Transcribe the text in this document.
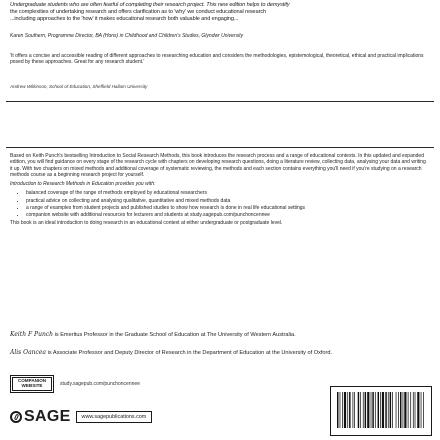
Undergraduate students who are often fearful of completing their research project. This new edition helps to demystify
the complexities of undertaking research and offers clarification as to 'why' we conduct educational research
...including approaches to the 'how' it makes educational research both valuable and engaging...
Karen Southern, Programme Director, BA (Hons) in Childhood and Children's Studies, Glyndwr University
'It offers a concise and accessible reading of different approaches to researching education and considers the methodologies, epistemological, theoretical, ethical and practical implications posed by these approaches. Great for any research student.'
Andrew Wilkinson, School of Education, Sheffield Hallam University

Based on Keith Punch's bestselling Introduction to Social Research Methods, this book introduces the research process and a range of educational contexts. In this updated and expanded edition, you will find guidance on every stage of the research cycle with chapters on developing research questions, doing a literature review, collecting data, analysing your data and writing it up. With two chapters on mixed methods and additional coverage of systematic reviewing, the methods and each section contains everything you'll need if you're studying on a research methods course as a beginning research project for yourself.

Introduction to Research Methods in Education provides you with:

• balanced coverage of the range of methods employed by educational researchers
• practical advice on collecting and analysing qualitative, quantitative and mixed methods data
• a range of examples from student projects and published studies to show how research is done in real life educational settings
• companion website with additional resources for lecturers and students at study.sagepub.com/punchoncennee

This book is an ideal introduction to doing research in an educational context at either undergraduate or postgraduate level.

Keith F Punch is Emeritus Professor in the Graduate School of Education at The University of Western Australia.
Alis Oancea is Associate Professor and Deputy Director of Research in the Department of Education at the University of Oxford.
COMPANION WEBSITE	study.sagepub.com/punchoncennee
SAGE	www.sagepublications.com
